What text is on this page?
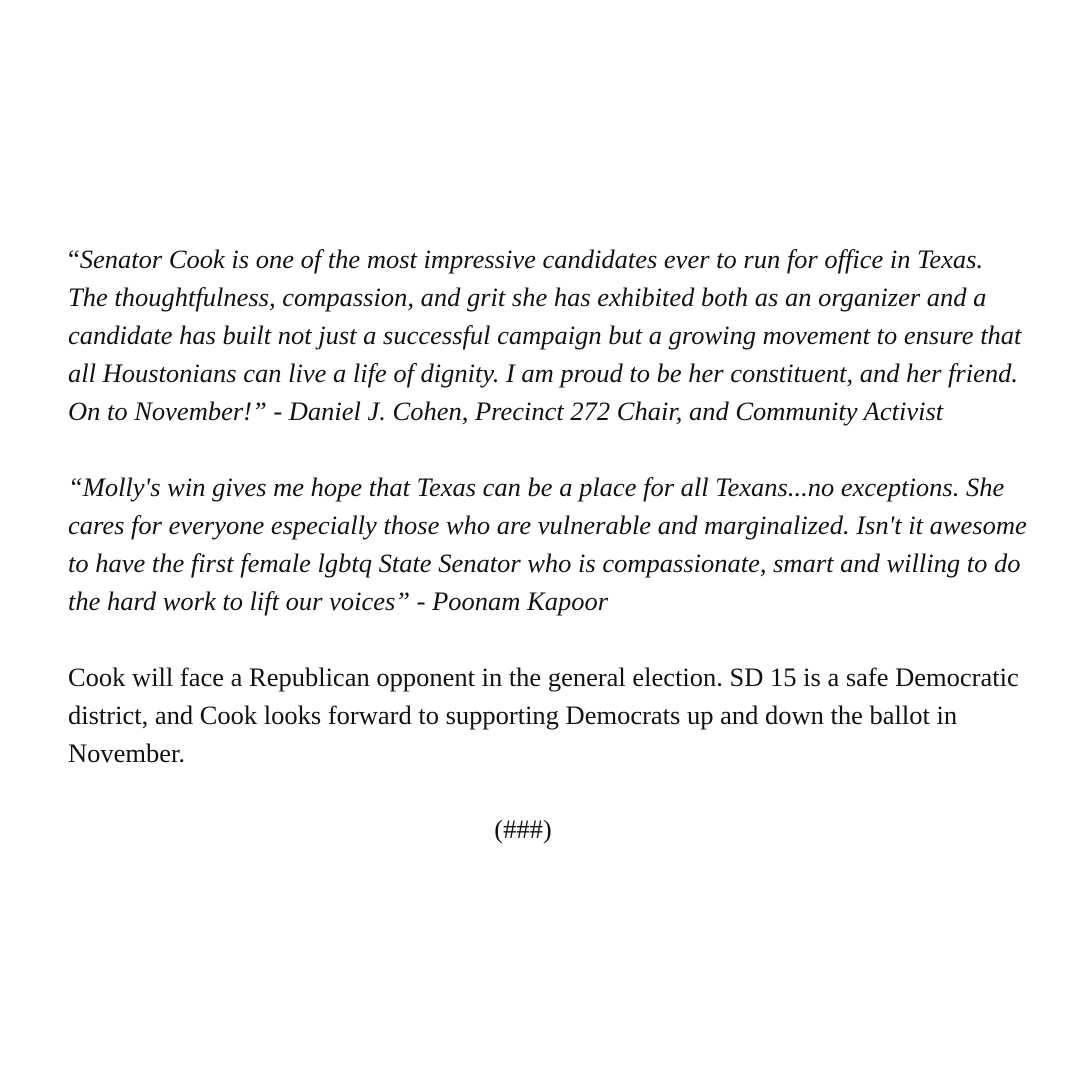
“Senator Cook is one of the most impressive candidates ever to run for office in Texas. The thoughtfulness, compassion, and grit she has exhibited both as an organizer and a candidate has built not just a successful campaign but a growing movement to ensure that all Houstonians can live a life of dignity. I am proud to be her constituent, and her friend. On to November!” - Daniel J. Cohen, Precinct 272 Chair, and Community Activist

“Molly's win gives me hope that Texas can be a place for all Texans...no exceptions. She cares for everyone especially those who are vulnerable and marginalized. Isn't it awesome to have the first female lgbtq State Senator who is compassionate, smart and willing to do the hard work to lift our voices” - Poonam Kapoor

Cook will face a Republican opponent in the general election. SD 15 is a safe Democratic district, and Cook looks forward to supporting Democrats up and down the ballot in November.

(###)
